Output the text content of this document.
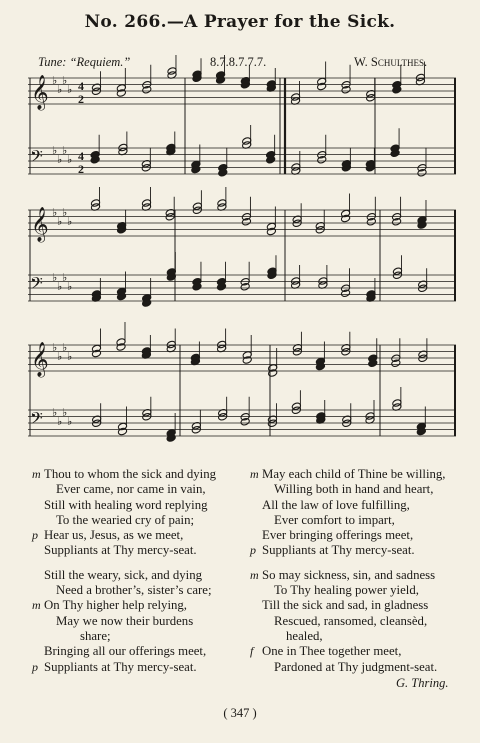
No. 266.—A Prayer for the Sick.
Tune: “Requiem.”	8.7.8.7.7.7.	W. Schulthes.
𝄞 ♭
♭
♭
♭ 4
2
𝄢 ♭
♭
♭
♭ 4
2
𝄞 ♭
♭
♭
♭
𝄢 ♭
♭
♭
♭
𝄞 ♭
♭
♭
♭
𝄢 ♭
♭
♭
♭
m Thou to whom the sick and dying
Ever came, nor came in vain,
Still with healing word replying
To the wearied cry of pain;
p Hear us, Jesus, as we meet,
Suppliants at Thy mercy-seat.
Still the weary, sick, and dying
Need a brother’s, sister’s care;
m On Thy higher help relying,
May we now their burdens
share;
Bringing all our offerings meet,
p Suppliants at Thy mercy-seat.
m May each child of Thine be willing,
Willing both in hand and heart,
All the law of love fulfilling,
Ever comfort to impart,
Ever bringing offerings meet,
p Suppliants at Thy mercy-seat.
m So may sickness, sin, and sadness
To Thy healing power yield,
Till the sick and sad, in gladness
Rescued, ransomed, cleansèd,
healed,
f One in Thee together meet,
Pardoned at Thy judgment-seat.
G. Thring.
( 347 )
